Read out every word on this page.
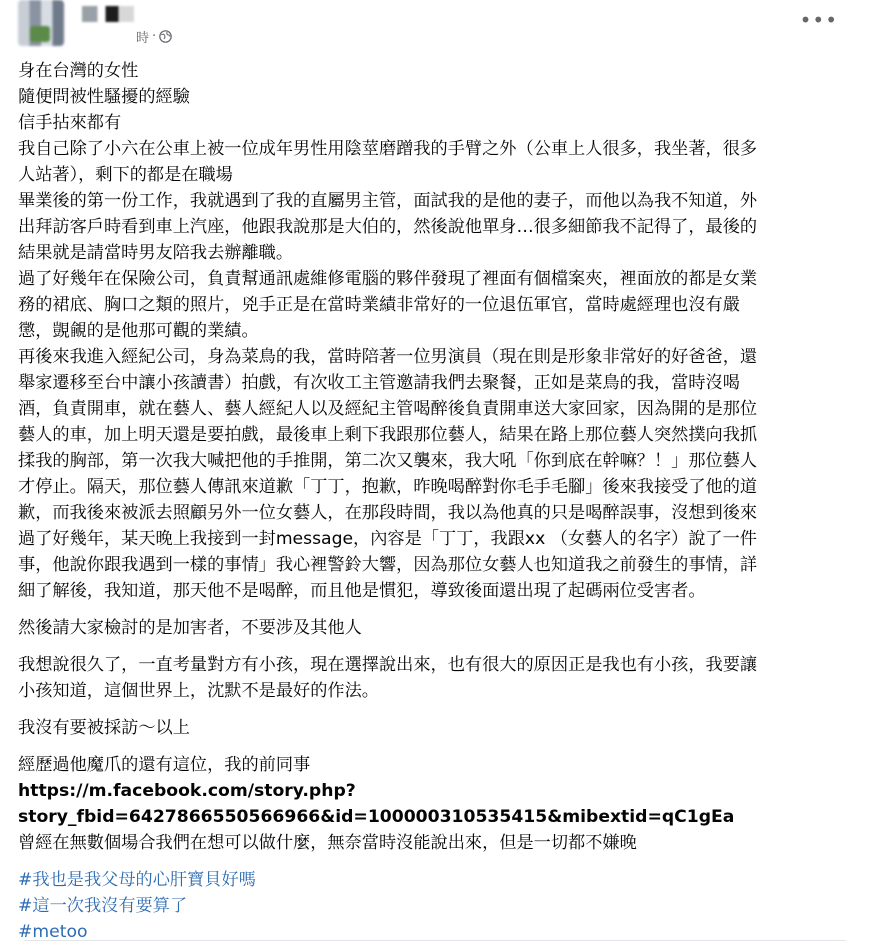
時 ·
•••
身在台灣的女性
隨便問被性騷擾的經驗
信手拈來都有
我自己除了小六在公車上被一位成年男性用陰莖磨蹭我的手臂之外（公車上人很多，我坐著，很多
人站著），剩下的都是在職場
畢業後的第一份工作，我就遇到了我的直屬男主管，面試我的是他的妻子，而他以為我不知道，外
出拜訪客戶時看到車上汽座，他跟我說那是大伯的，然後說他單身…很多細節我不記得了，最後的
結果就是請當時男友陪我去辦離職。
過了好幾年在保險公司，負責幫通訊處維修電腦的夥伴發現了裡面有個檔案夾，裡面放的都是女業
務的裙底、胸口之類的照片，兇手正是在當時業績非常好的一位退伍軍官，當時處經理也沒有嚴
懲，覬覦的是他那可觀的業績。
再後來我進入經紀公司，身為菜鳥的我，當時陪著一位男演員（現在則是形象非常好的好爸爸，還
舉家遷移至台中讓小孩讀書）拍戲，有次收工主管邀請我們去聚餐，正如是菜鳥的我，當時沒喝
酒，負責開車，就在藝人、藝人經紀人以及經紀主管喝醉後負責開車送大家回家，因為開的是那位
藝人的車，加上明天還是要拍戲，最後車上剩下我跟那位藝人，結果在路上那位藝人突然撲向我抓
揉我的胸部，第一次我大喊把他的手推開，第二次又襲來，我大吼「你到底在幹嘛？！」那位藝人
才停止。隔天，那位藝人傳訊來道歉「丁丁，抱歉，昨晚喝醉對你毛手毛腳」後來我接受了他的道
歉，而我後來被派去照顧另外一位女藝人，在那段時間，我以為他真的只是喝醉誤事，沒想到後來
過了好幾年，某天晚上我接到一封message，內容是「丁丁，我跟xx （女藝人的名字）說了一件
事，他說你跟我遇到一樣的事情」我心裡警鈴大響，因為那位女藝人也知道我之前發生的事情，詳
細了解後，我知道，那天他不是喝醉，而且他是慣犯，導致後面還出現了起碼兩位受害者。
然後請大家檢討的是加害者，不要涉及其他人
我想說很久了，一直考量對方有小孩，現在選擇說出來，也有很大的原因正是我也有小孩，我要讓
小孩知道，這個世界上，沈默不是最好的作法。
我沒有要被採訪～以上
經歷過他魔爪的還有這位，我的前同事
https://m.facebook.com/story.php?
story_fbid=6427866550566966&id=100000310535415&mibextid=qC1gEa
曾經在無數個場合我們在想可以做什麼，無奈當時沒能說出來，但是一切都不嫌晚
#我也是我父母的心肝寶貝好嗎
#這一次我沒有要算了
#metoo
